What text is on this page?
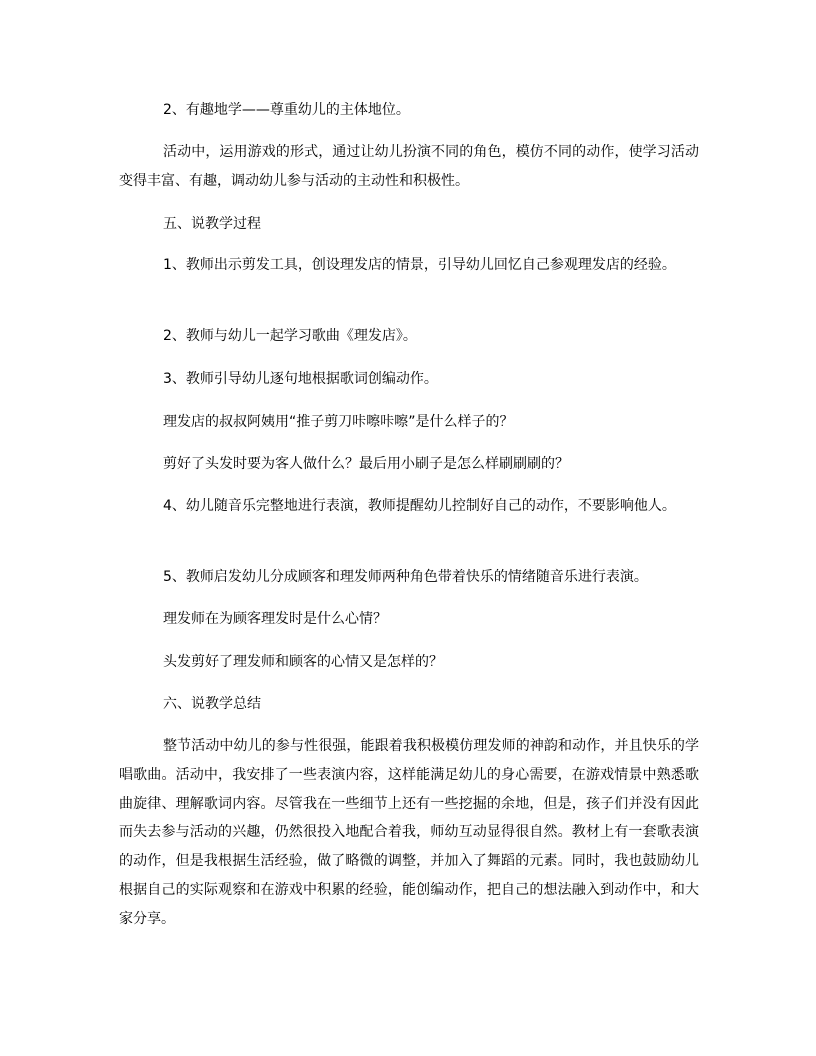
2、有趣地学——尊重幼儿的主体地位。

活动中，运用游戏的形式，通过让幼儿扮演不同的角色，模仿不同的动作，使学习活动变得丰富、有趣，调动幼儿参与活动的主动性和积极性。

五、说教学过程

1、教师出示剪发工具，创设理发店的情景，引导幼儿回忆自己参观理发店的经验。

2、教师与幼儿一起学习歌曲《理发店》。

3、教师引导幼儿逐句地根据歌词创编动作。

理发店的叔叔阿姨用“推子剪刀咔嚓咔嚓”是什么样子的？

剪好了头发时要为客人做什么？最后用小刷子是怎么样刷刷刷的？

4、幼儿随音乐完整地进行表演，教师提醒幼儿控制好自己的动作，不要影响他人。

5、教师启发幼儿分成顾客和理发师两种角色带着快乐的情绪随音乐进行表演。

理发师在为顾客理发时是什么心情？

头发剪好了理发师和顾客的心情又是怎样的？

六、说教学总结

整节活动中幼儿的参与性很强，能跟着我积极模仿理发师的神韵和动作，并且快乐的学唱歌曲。活动中，我安排了一些表演内容，这样能满足幼儿的身心需要，在游戏情景中熟悉歌曲旋律、理解歌词内容。尽管我在一些细节上还有一些挖掘的余地，但是，孩子们并没有因此而失去参与活动的兴趣，仍然很投入地配合着我，师幼互动显得很自然。教材上有一套歌表演的动作，但是我根据生活经验，做了略微的调整，并加入了舞蹈的元素。同时，我也鼓励幼儿根据自己的实际观察和在游戏中积累的经验，能创编动作，把自己的想法融入到动作中，和大家分享。
